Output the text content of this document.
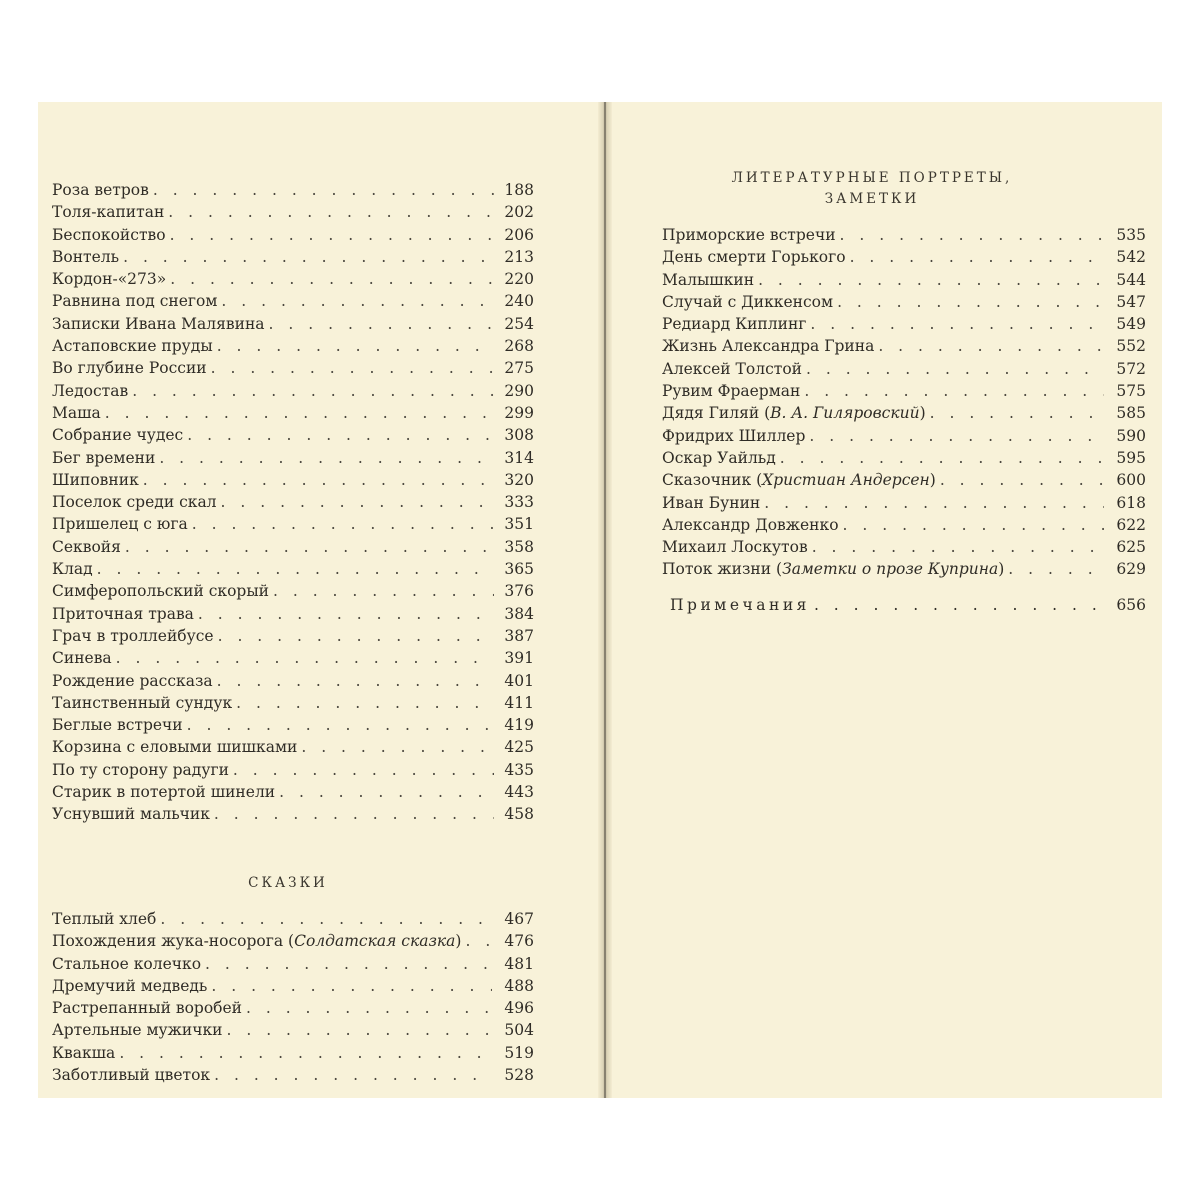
Роза ветров . . .	188
Толя-капитан . . .	202
Беспокойство . . .	206
Вонтель . . .	213
Кордон-«273» . . .	220
Равнина под снегом . . .	240
Записки Ивана Малявина . . .	254
Астаповские пруды . . .	268
Во глубине России . . .	275
Ледостав . . .	290
Маша . . .	299
Собрание чудес . . .	308
Бег времени . . .	314
Шиповник . . .	320
Поселок среди скал . . .	333
Пришелец с юга . . .	351
Секвойя . . .	358
Клад . . .	365
Симферопольский скорый . . .	376
Приточная трава . . .	384
Грач в троллейбусе . . .	387
Синева . . .	391
Рождение рассказа . . .	401
Таинственный сундук . . .	411
Беглые встречи . . .	419
Корзина с еловыми шишками . . .	425
По ту сторону радуги . . .	435
Старик в потертой шинели . . .	443
Уснувший мальчик . . .	458
СКАЗКИ
Теплый хлеб . . .	467
Похождения жука-носорога (Солдатская сказка) . . .	476
Стальное колечко . . .	481
Дремучий медведь . . .	488
Растрепанный воробей . . .	496
Артельные мужички . . .	504
Квакша . . .	519
Заботливый цветок . . .	528
ЛИТЕРАТУРНЫЕ ПОРТРЕТЫ,
ЗАМЕТКИ
Приморские встречи . . .	535
День смерти Горького . . .	542
Малышкин . . .	544
Случай с Диккенсом . . .	547
Редиард Киплинг . . .	549
Жизнь Александра Грина . . .	552
Алексей Толстой . . .	572
Рувим Фраерман . . .	575
Дядя Гиляй (В. А. Гиляровский) . . .	585
Фридрих Шиллер . . .	590
Оскар Уайльд . . .	595
Сказочник (Христиан Андерсен) . . .	600
Иван Бунин . . .	618
Александр Довженко . . .	622
Михаил Лоскутов . . .	625
Поток жизни (Заметки о прозе Куприна) . . .	629
Примечания . . .	656
